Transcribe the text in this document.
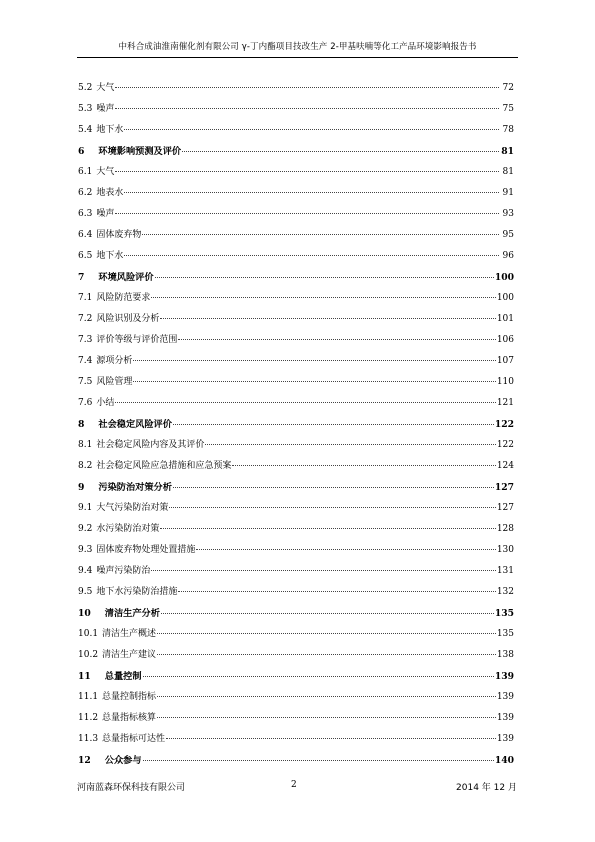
中科合成油淮南催化剂有限公司 γ-丁内酯项目技改生产 2-甲基呋喃等化工产品环境影响报告书
5.2 大气	72
5.3 噪声	75
5.4 地下水	78
6 环境影响预测及评价	81
6.1 大气	81
6.2 地表水	91
6.3 噪声	93
6.4 固体废弃物	95
6.5 地下水	96
7 环境风险评价	100
7.1 风险防范要求	100
7.2 风险识别及分析	101
7.3 评价等级与评价范围	106
7.4 源项分析	107
7.5 风险管理	110
7.6 小结	121
8 社会稳定风险评价	122
8.1 社会稳定风险内容及其评价	122
8.2 社会稳定风险应急措施和应急预案	124
9 污染防治对策分析	127
9.1 大气污染防治对策	127
9.2 水污染防治对策	128
9.3 固体废弃物处理处置措施	130
9.4 噪声污染防治	131
9.5 地下水污染防治措施	132
10 清洁生产分析	135
10.1 清洁生产概述	135
10.2 清洁生产建议	138
11 总量控制	139
11.1 总量控制指标	139
11.2 总量指标核算	139
11.3 总量指标可达性	139
12 公众参与	140
河南蓝森环保科技有限公司	2	2014 年 12 月
